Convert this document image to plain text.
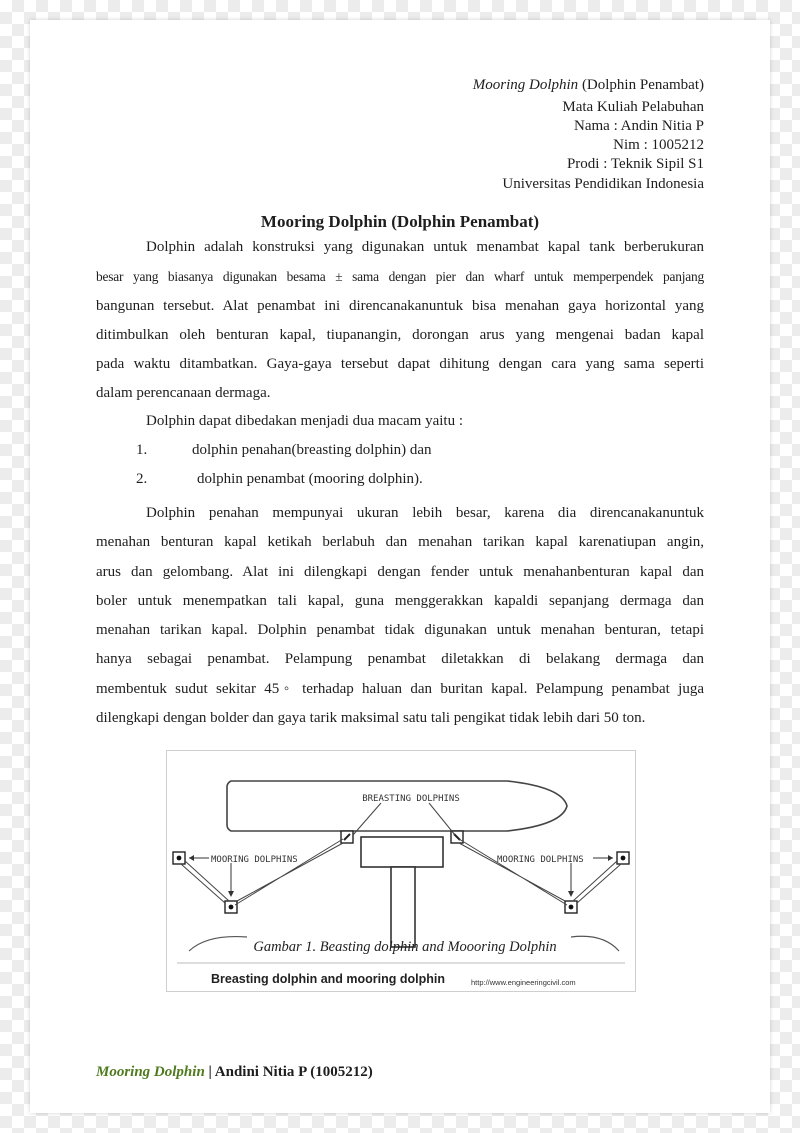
Mooring Dolphin (Dolphin Penambat)
Mata Kuliah Pelabuhan
Nama : Andin Nitia P
Nim : 1005212
Prodi : Teknik Sipil S1
Universitas Pendidikan Indonesia
Mooring Dolphin (Dolphin Penambat)
Dolphin adalah konstruksi yang digunakan untuk menambat kapal tank berberukuran
besar yang biasanya digunakan besama ± sama dengan pier dan wharf untuk memperpendek panjang
bangunan tersebut. Alat penambat ini direncanakanuntuk bisa menahan gaya horizontal yang
ditimbulkan oleh benturan kapal, tiupanangin, dorongan arus yang mengenai badan kapal
pada waktu ditambatkan. Gaya-gaya tersebut dapat dihitung dengan cara yang sama seperti
dalam perencanaan dermaga.
Dolphin dapat dibedakan menjadi dua macam yaitu :
1.	dolphin penahan(breasting dolphin) dan
2.	dolphin penambat (mooring dolphin).
Dolphin penahan mempunyai ukuran lebih besar, karena dia direncanakanuntuk
menahan benturan kapal ketikah berlabuh dan menahan tarikan kapal karenatiupan angin,
arus dan gelombang. Alat ini dilengkapi dengan fender untuk menahanbenturan kapal dan
boler untuk menempatkan tali kapal, guna menggerakkan kapaldi sepanjang dermaga dan
menahan tarikan kapal. Dolphin penambat tidak digunakan untuk menahan benturan, tetapi
hanya sebagai penambat. Pelampung penambat diletakkan di belakang dermaga dan
membentuk sudut sekitar 45◦ terhadap haluan dan buritan kapal. Pelampung penambat juga
dilengkapi dengan bolder dan gaya tarik maksimal satu tali pengikat tidak lebih dari 50 ton.
BREASTING DOLPHINS
MOORING DOLPHINS	MOORING DOLPHINS
Gambar 1. Beasting dolphin and Moooring Dolphin
Breasting dolphin and mooring dolphin	http://www.engineeringcivil.com
Mooring Dolphin | Andini Nitia P (1005212)
